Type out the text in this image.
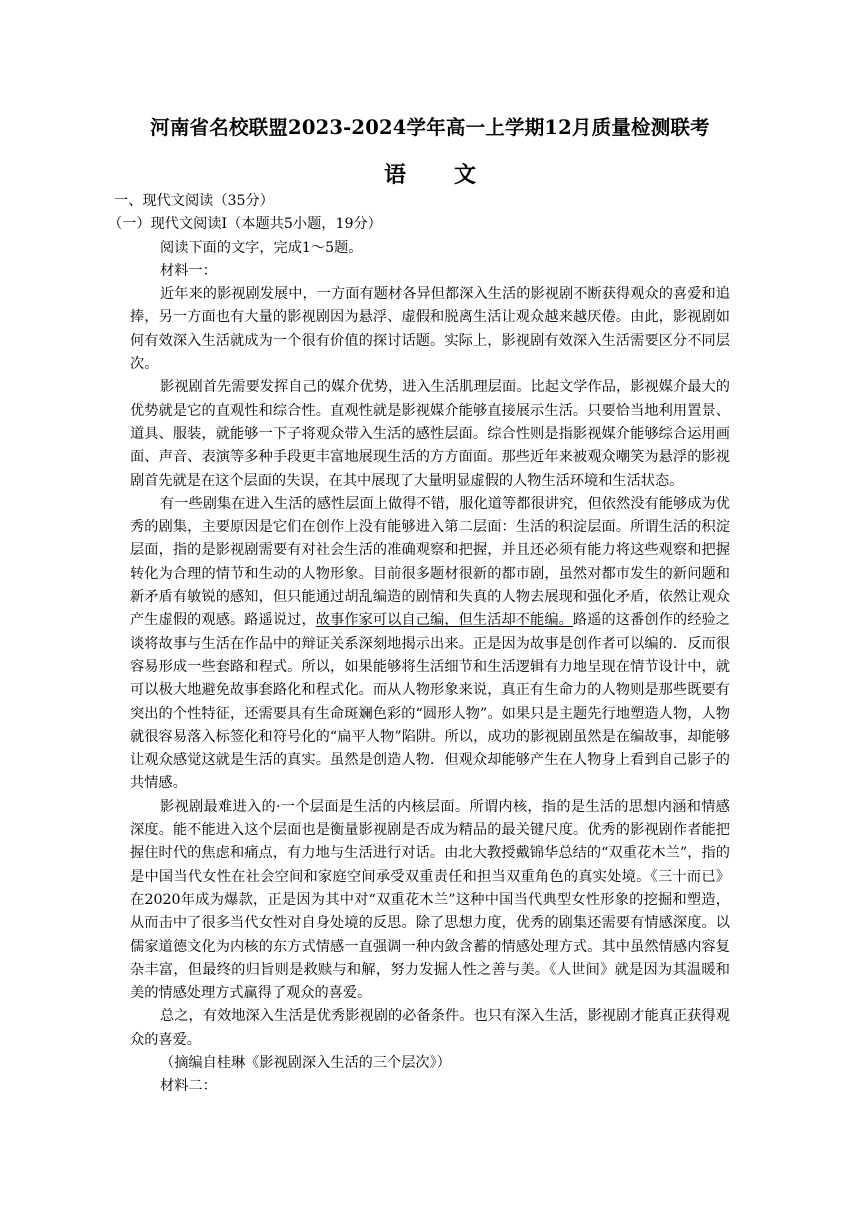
河南省名校联盟2023-2024学年高一上学期12月质量检测联考
语文

一、现代文阅读（35分）

（一）现代文阅读Ⅰ（本题共5小题，19分）

阅读下面的文字，完成1～5题。

材料一：

近年来的影视剧发展中，一方面有题材各异但都深入生活的影视剧不断获得观众的喜爱和追捧，另一方面也有大量的影视剧因为悬浮、虚假和脱离生活让观众越来越厌倦。由此，影视剧如何有效深入生活就成为一个很有价值的探讨话题。实际上，影视剧有效深入生活需要区分不同层次。

影视剧首先需要发挥自己的媒介优势，进入生活肌理层面。比起文学作品，影视媒介最大的优势就是它的直观性和综合性。直观性就是影视媒介能够直接展示生活。只要恰当地利用置景、道具、服装，就能够一下子将观众带入生活的感性层面。综合性则是指影视媒介能够综合运用画面、声音、表演等多种手段更丰富地展现生活的方方面面。那些近年来被观众嘲笑为悬浮的影视剧首先就是在这个层面的失误，在其中展现了大量明显虚假的人物生活环境和生活状态。

有一些剧集在进入生活的感性层面上做得不错，服化道等都很讲究，但依然没有能够成为优秀的剧集，主要原因是它们在创作上没有能够进入第二层面：生活的积淀层面。所谓生活的积淀层面，指的是影视剧需要有对社会生活的准确观察和把握，并且还必须有能力将这些观察和把握转化为合理的情节和生动的人物形象。目前很多题材很新的都市剧，虽然对都市发生的新问题和新矛盾有敏锐的感知，但只能通过胡乱编造的剧情和失真的人物去展现和强化矛盾，依然让观众产生虚假的观感。路遥说过，故事作家可以自己编，但生活却不能编。路遥的这番创作的经验之谈将故事与生活在作品中的辩证关系深刻地揭示出来。正是因为故事是创作者可以编的．反而很容易形成一些套路和程式。所以，如果能够将生活细节和生活逻辑有力地呈现在情节设计中，就可以极大地避免故事套路化和程式化。而从人物形象来说，真正有生命力的人物则是那些既要有突出的个性特征，还需要具有生命斑斓色彩的“圆形人物”。如果只是主题先行地塑造人物，人物就很容易落入标签化和符号化的“扁平人物”陷阱。所以，成功的影视剧虽然是在编故事，却能够让观众感觉这就是生活的真实。虽然是创造人物．但观众却能够产生在人物身上看到自己影子的共情感。

影视剧最难进入的·一个层面是生活的内核层面。所谓内核，指的是生活的思想内涵和情感深度。能不能进入这个层面也是衡量影视剧是否成为精品的最关键尺度。优秀的影视剧作者能把握住时代的焦虑和痛点，有力地与生活进行对话。由北大教授戴锦华总结的“双重花木兰”，指的是中国当代女性在社会空间和家庭空间承受双重责任和担当双重角色的真实处境。《三十而已》在2020年成为爆款，正是因为其中对“双重花木兰”这种中国当代典型女性形象的挖掘和塑造，从而击中了很多当代女性对自身处境的反思。除了思想力度，优秀的剧集还需要有情感深度。以儒家道德文化为内核的东方式情感一直强调一种内敛含蓄的情感处理方式。其中虽然情感内容复杂丰富，但最终的归旨则是救赎与和解，努力发掘人性之善与美。《人世间》就是因为其温暖和美的情感处理方式赢得了观众的喜爱。

总之，有效地深入生活是优秀影视剧的必备条件。也只有深入生活，影视剧才能真正获得观众的喜爱。

（摘编自桂琳《影视剧深入生活的三个层次》）

材料二：
